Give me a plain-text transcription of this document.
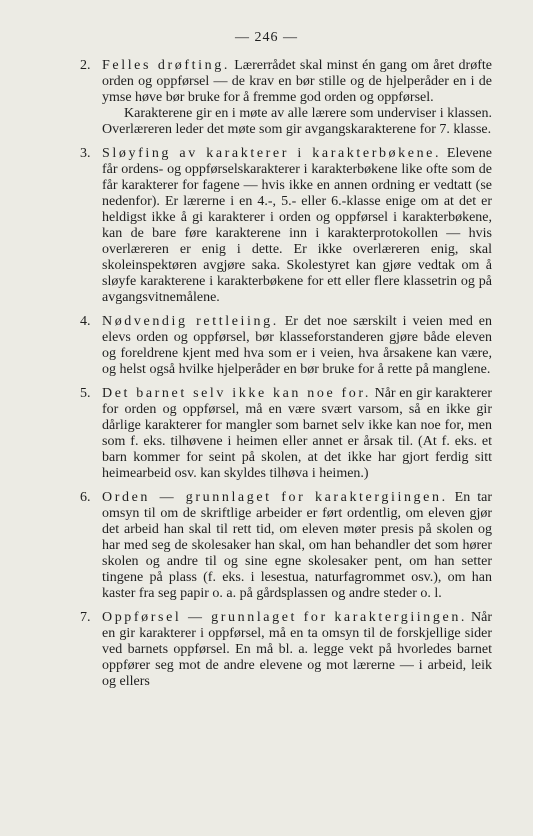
— 246 —
2. Felles drøfting. Lærerrådet skal minst én gang om året drøfte orden og oppførsel — de krav en bør stille og de hjelperåder en i de ymse høve bør bruke for å fremme god orden og oppførsel.

Karakterene gir en i møte av alle lærere som underviser i klassen. Overlæreren leder det møte som gir avgangskarakterene for 7. klasse.

3. Sløyfing av karakterer i karakterbøkene. Elevene får ordens- og oppførselskarakterer i karakterbøkene like ofte som de får karakterer for fagene — hvis ikke en annen ordning er vedtatt (se nedenfor). Er lærerne i en 4.-, 5.- eller 6.-klasse enige om at det er heldigst ikke å gi karakterer i orden og oppførsel i karakterbøkene, kan de bare føre karakterene inn i karakterprotokollen — hvis overlæreren er enig i dette. Er ikke overlæreren enig, skal skoleinspektøren avgjøre saka. Skolestyret kan gjøre vedtak om å sløyfe karakterene i karakterbøkene for ett eller flere klassetrin og på avgangsvitnemålene.

4. Nødvendig rettleiing. Er det noe særskilt i veien med en elevs orden og oppførsel, bør klasseforstanderen gjøre både eleven og foreldrene kjent med hva som er i veien, hva årsakene kan være, og helst også hvilke hjelperåder en bør bruke for å rette på manglene.

5. Det barnet selv ikke kan noe for. Når en gir karakterer for orden og oppførsel, må en være svært varsom, så en ikke gir dårlige karakterer for mangler som barnet selv ikke kan noe for, men som f. eks. tilhøvene i heimen eller annet er årsak til. (At f. eks. et barn kommer for seint på skolen, at det ikke har gjort ferdig sitt heimearbeid osv. kan skyldes tilhøva i heimen.)

6. Orden — grunnlaget for karaktergiingen. En tar omsyn til om de skriftlige arbeider er ført ordentlig, om eleven gjør det arbeid han skal til rett tid, om eleven møter presis på skolen og har med seg de skolesaker han skal, om han behandler det som hører skolen og andre til og sine egne skolesaker pent, om han setter tingene på plass (f. eks. i lesestua, naturfagrommet osv.), om han kaster fra seg papir o. a. på gårdsplassen og andre steder o. l.

7. Oppførsel — grunnlaget for karaktergiingen. Når en gir karakterer i oppførsel, må en ta omsyn til de forskjellige sider ved barnets oppførsel. En må bl. a. legge vekt på hvorledes barnet oppfører seg mot de andre elevene og mot lærerne — i arbeid, leik og ellers
